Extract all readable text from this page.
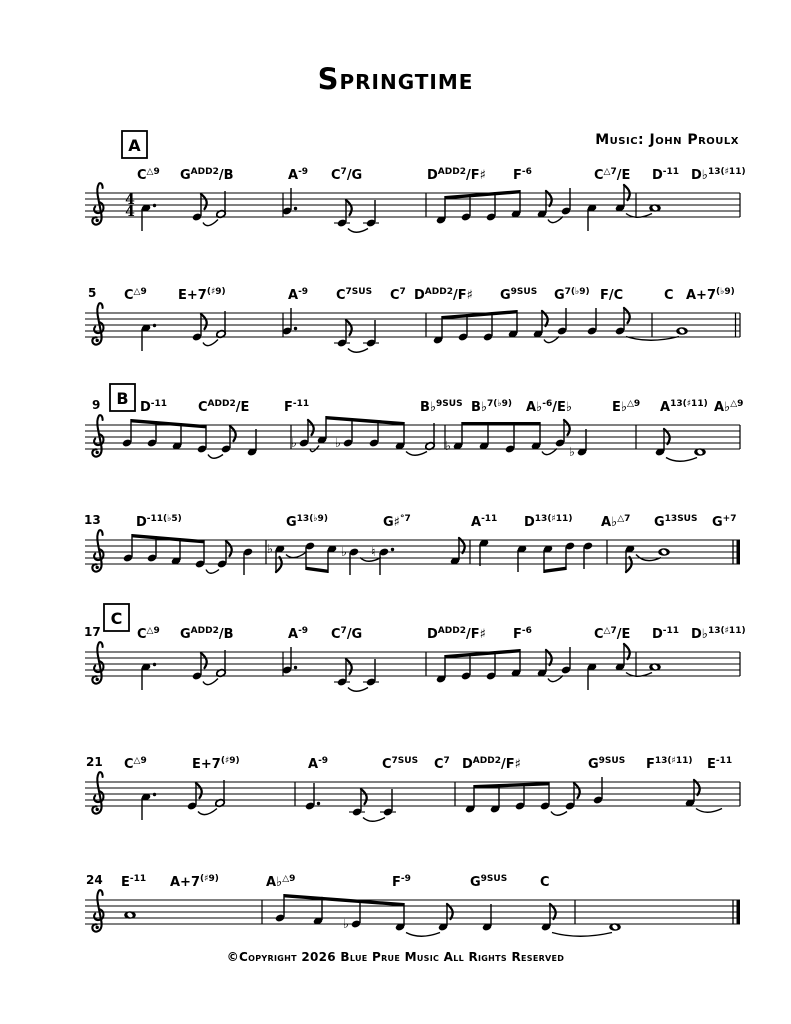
Springtime
Music: John Proulx
4
4
$C^{\triangle 9}$ $G^{ADD2}/B$	$A^{-9}$ $C^7/G$	$D^{ADD2}/F♯$ $F^{-6}$	$C^{\triangle 7}/E$ $D^{-11}$ D♭$^{13(♯11)}$
A
$C^{\triangle 9}$ $E+7^{(♯9)}$	$A^{-9}$ $C^{7SUS}$ $C^7$ $D^{ADD2}/F♯$ $G^{9SUS}$ $G^{7(♭9)}$ F/C	C $A+7^{(♭9)}$
5
♭	♭	♭	♭
$D^{-11}$ $C^{ADD2}/E$	$F^{-11}$	B♭$^{9SUS}$ B♭$^{7(♭9)}$ A♭$^{-6}$/E♭	E♭$^{\triangle 9}$ $A^{13(♯11)}$ A♭$^{\triangle 9}$
B
9
♭	♭ ♮
$D^{-11(♭5)}$	$G^{13(♭9)}$	G♯$^{^\circ 7}$	$A^{-11}$ $D^{13(♯11)}$ A♭$^{\triangle 7}$ $G^{13SUS}$ $G^{+7}$
13
$C^{\triangle 9}$ $G^{ADD2}/B$	$A^{-9}$ $C^7/G$	$D^{ADD2}/F♯$ $F^{-6}$	$C^{\triangle 7}/E$ $D^{-11}$ D♭$^{13(♯11)}$
C
17
$C^{\triangle 9}$	$E+7^{(♯9)}$	$A^{-9}$	$C^{7SUS}$ $C^7$ $D^{ADD2}/F♯$	$G^{9SUS}$ $F^{13(♯11)}$ $E^{-11}$
21
♭
$E^{-11}$ $A+7^{(♯9)}$	A♭$^{\triangle 9}$	$F^{-9}$	$G^{9SUS}$	C
24
©Copyright 2026 Blue Prue Music All Rights Reserved
